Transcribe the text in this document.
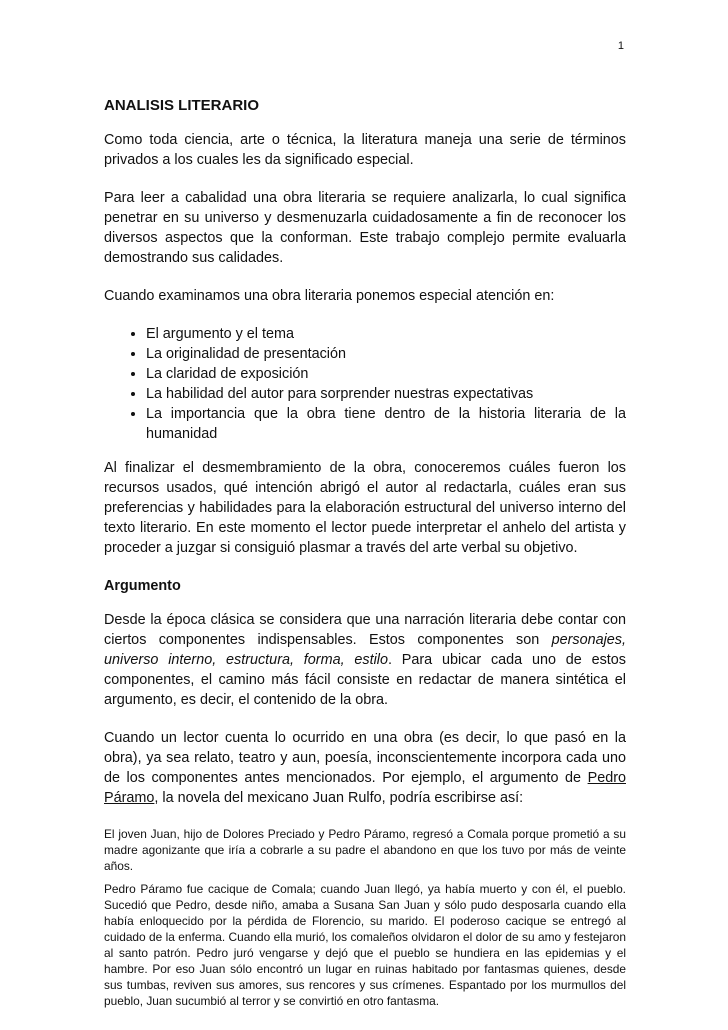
1
ANALISIS LITERARIO

Como toda ciencia, arte o técnica, la literatura maneja una serie de términos privados a los cuales les da significado especial.

Para leer a cabalidad una obra literaria se requiere analizarla, lo cual significa penetrar en su universo y desmenuzarla cuidadosamente a fin de reconocer los diversos aspectos que la conforman. Este trabajo complejo permite evaluarla demostrando sus calidades.

Cuando examinamos una obra literaria ponemos especial atención en:

• El argumento y el tema
• La originalidad de presentación
• La claridad de exposición
• La habilidad del autor para sorprender nuestras expectativas
• La importancia que la obra tiene dentro de la historia literaria de la humanidad

Al finalizar el desmembramiento de la obra, conoceremos cuáles fueron los recursos usados, qué intención abrigó el autor al redactarla, cuáles eran sus preferencias y habilidades para la elaboración estructural del universo interno del texto literario. En este momento el lector puede interpretar el anhelo del artista y proceder a juzgar si consiguió plasmar a través del arte verbal su objetivo.

Argumento

Desde la época clásica se considera que una narración literaria debe contar con ciertos componentes indispensables. Estos componentes son personajes, universo interno, estructura, forma, estilo. Para ubicar cada uno de estos componentes, el camino más fácil consiste en redactar de manera sintética el argumento, es decir, el contenido de la obra.

Cuando un lector cuenta lo ocurrido en una obra (es decir, lo que pasó en la obra), ya sea relato, teatro y aun, poesía, inconscientemente incorpora cada uno de los componentes antes mencionados. Por ejemplo, el argumento de Pedro Páramo, la novela del mexicano Juan Rulfo, podría escribirse así:

El joven Juan, hijo de Dolores Preciado y Pedro Páramo, regresó a Comala porque prometió a su madre agonizante que iría a cobrarle a su padre el abandono en que los tuvo por más de veinte años.

Pedro Páramo fue cacique de Comala; cuando Juan llegó, ya había muerto y con él, el pueblo. Sucedió que Pedro, desde niño, amaba a Susana San Juan y sólo pudo desposarla cuando ella había enloquecido por la pérdida de Florencio, su marido. El poderoso cacique se entregó al cuidado de la enferma. Cuando ella murió, los comaleños olvidaron el dolor de su amo y festejaron al santo patrón. Pedro juró vengarse y dejó que el pueblo se hundiera en las epidemias y el hambre. Por eso Juan sólo encontró un lugar en ruinas habitado por fantasmas quienes, desde sus tumbas, reviven sus amores, sus rencores y sus crímenes. Espantado por los murmullos del pueblo, Juan sucumbió al terror y se convirtió en otro fantasma.
